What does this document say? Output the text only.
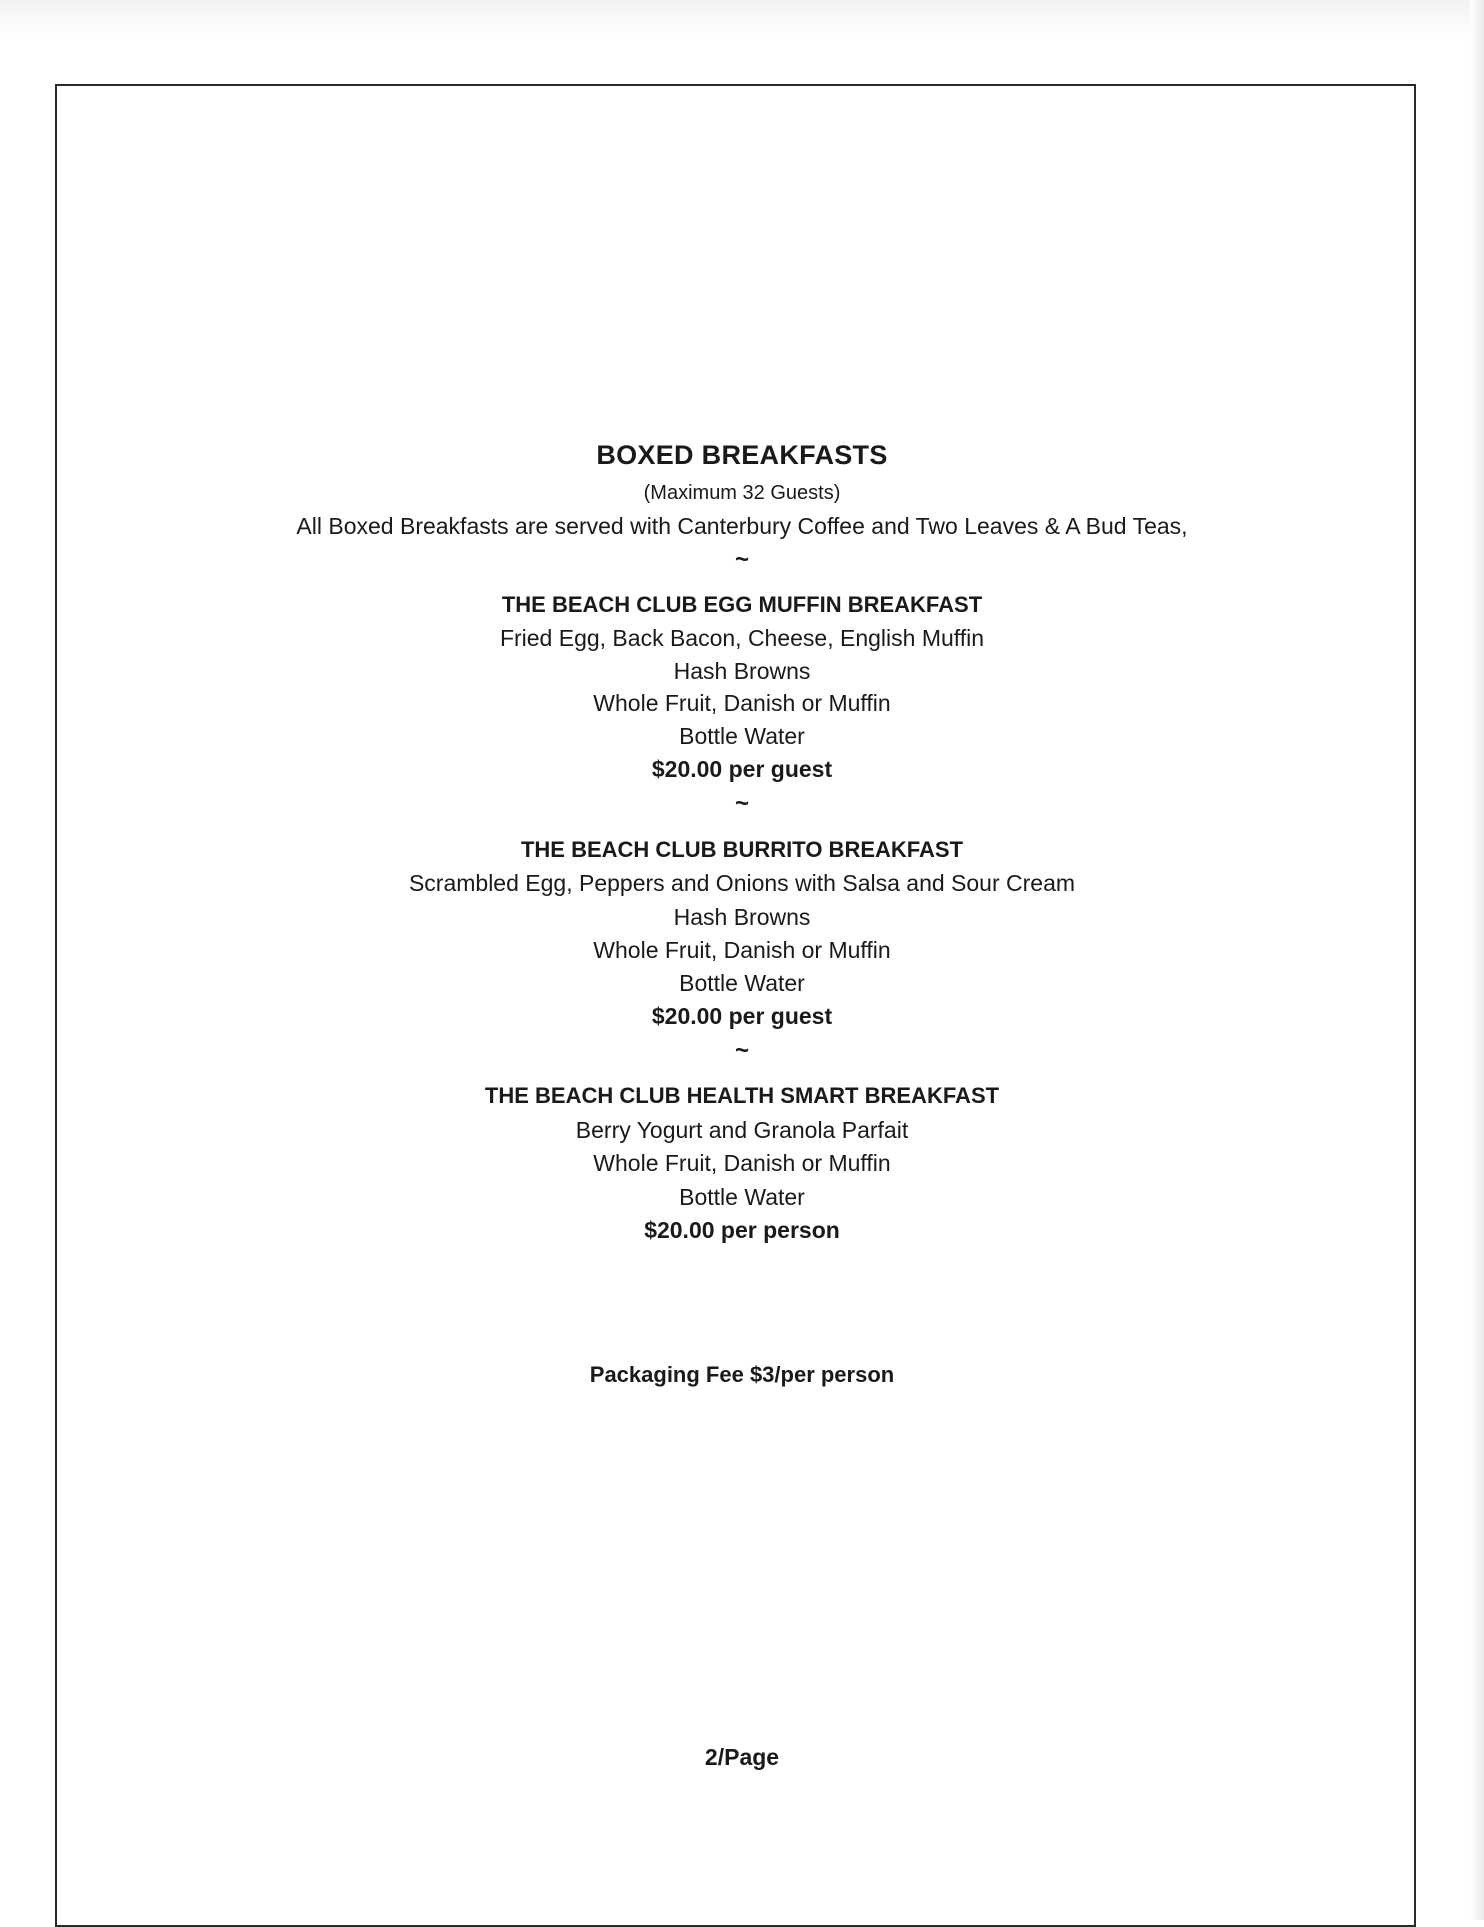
BOXED BREAKFASTS
(Maximum 32 Guests)
All Boxed Breakfasts are served with Canterbury Coffee and Two Leaves & A Bud Teas,
~
THE BEACH CLUB EGG MUFFIN BREAKFAST
Fried Egg, Back Bacon, Cheese, English Muffin
Hash Browns
Whole Fruit, Danish or Muffin
Bottle Water
$20.00 per guest
~
THE BEACH CLUB BURRITO BREAKFAST
Scrambled Egg, Peppers and Onions with Salsa and Sour Cream
Hash Browns
Whole Fruit, Danish or Muffin
Bottle Water
$20.00 per guest
~
THE BEACH CLUB HEALTH SMART BREAKFAST
Berry Yogurt and Granola Parfait
Whole Fruit, Danish or Muffin
Bottle Water
$20.00 per person
Packaging Fee $3/per person
2/Page
